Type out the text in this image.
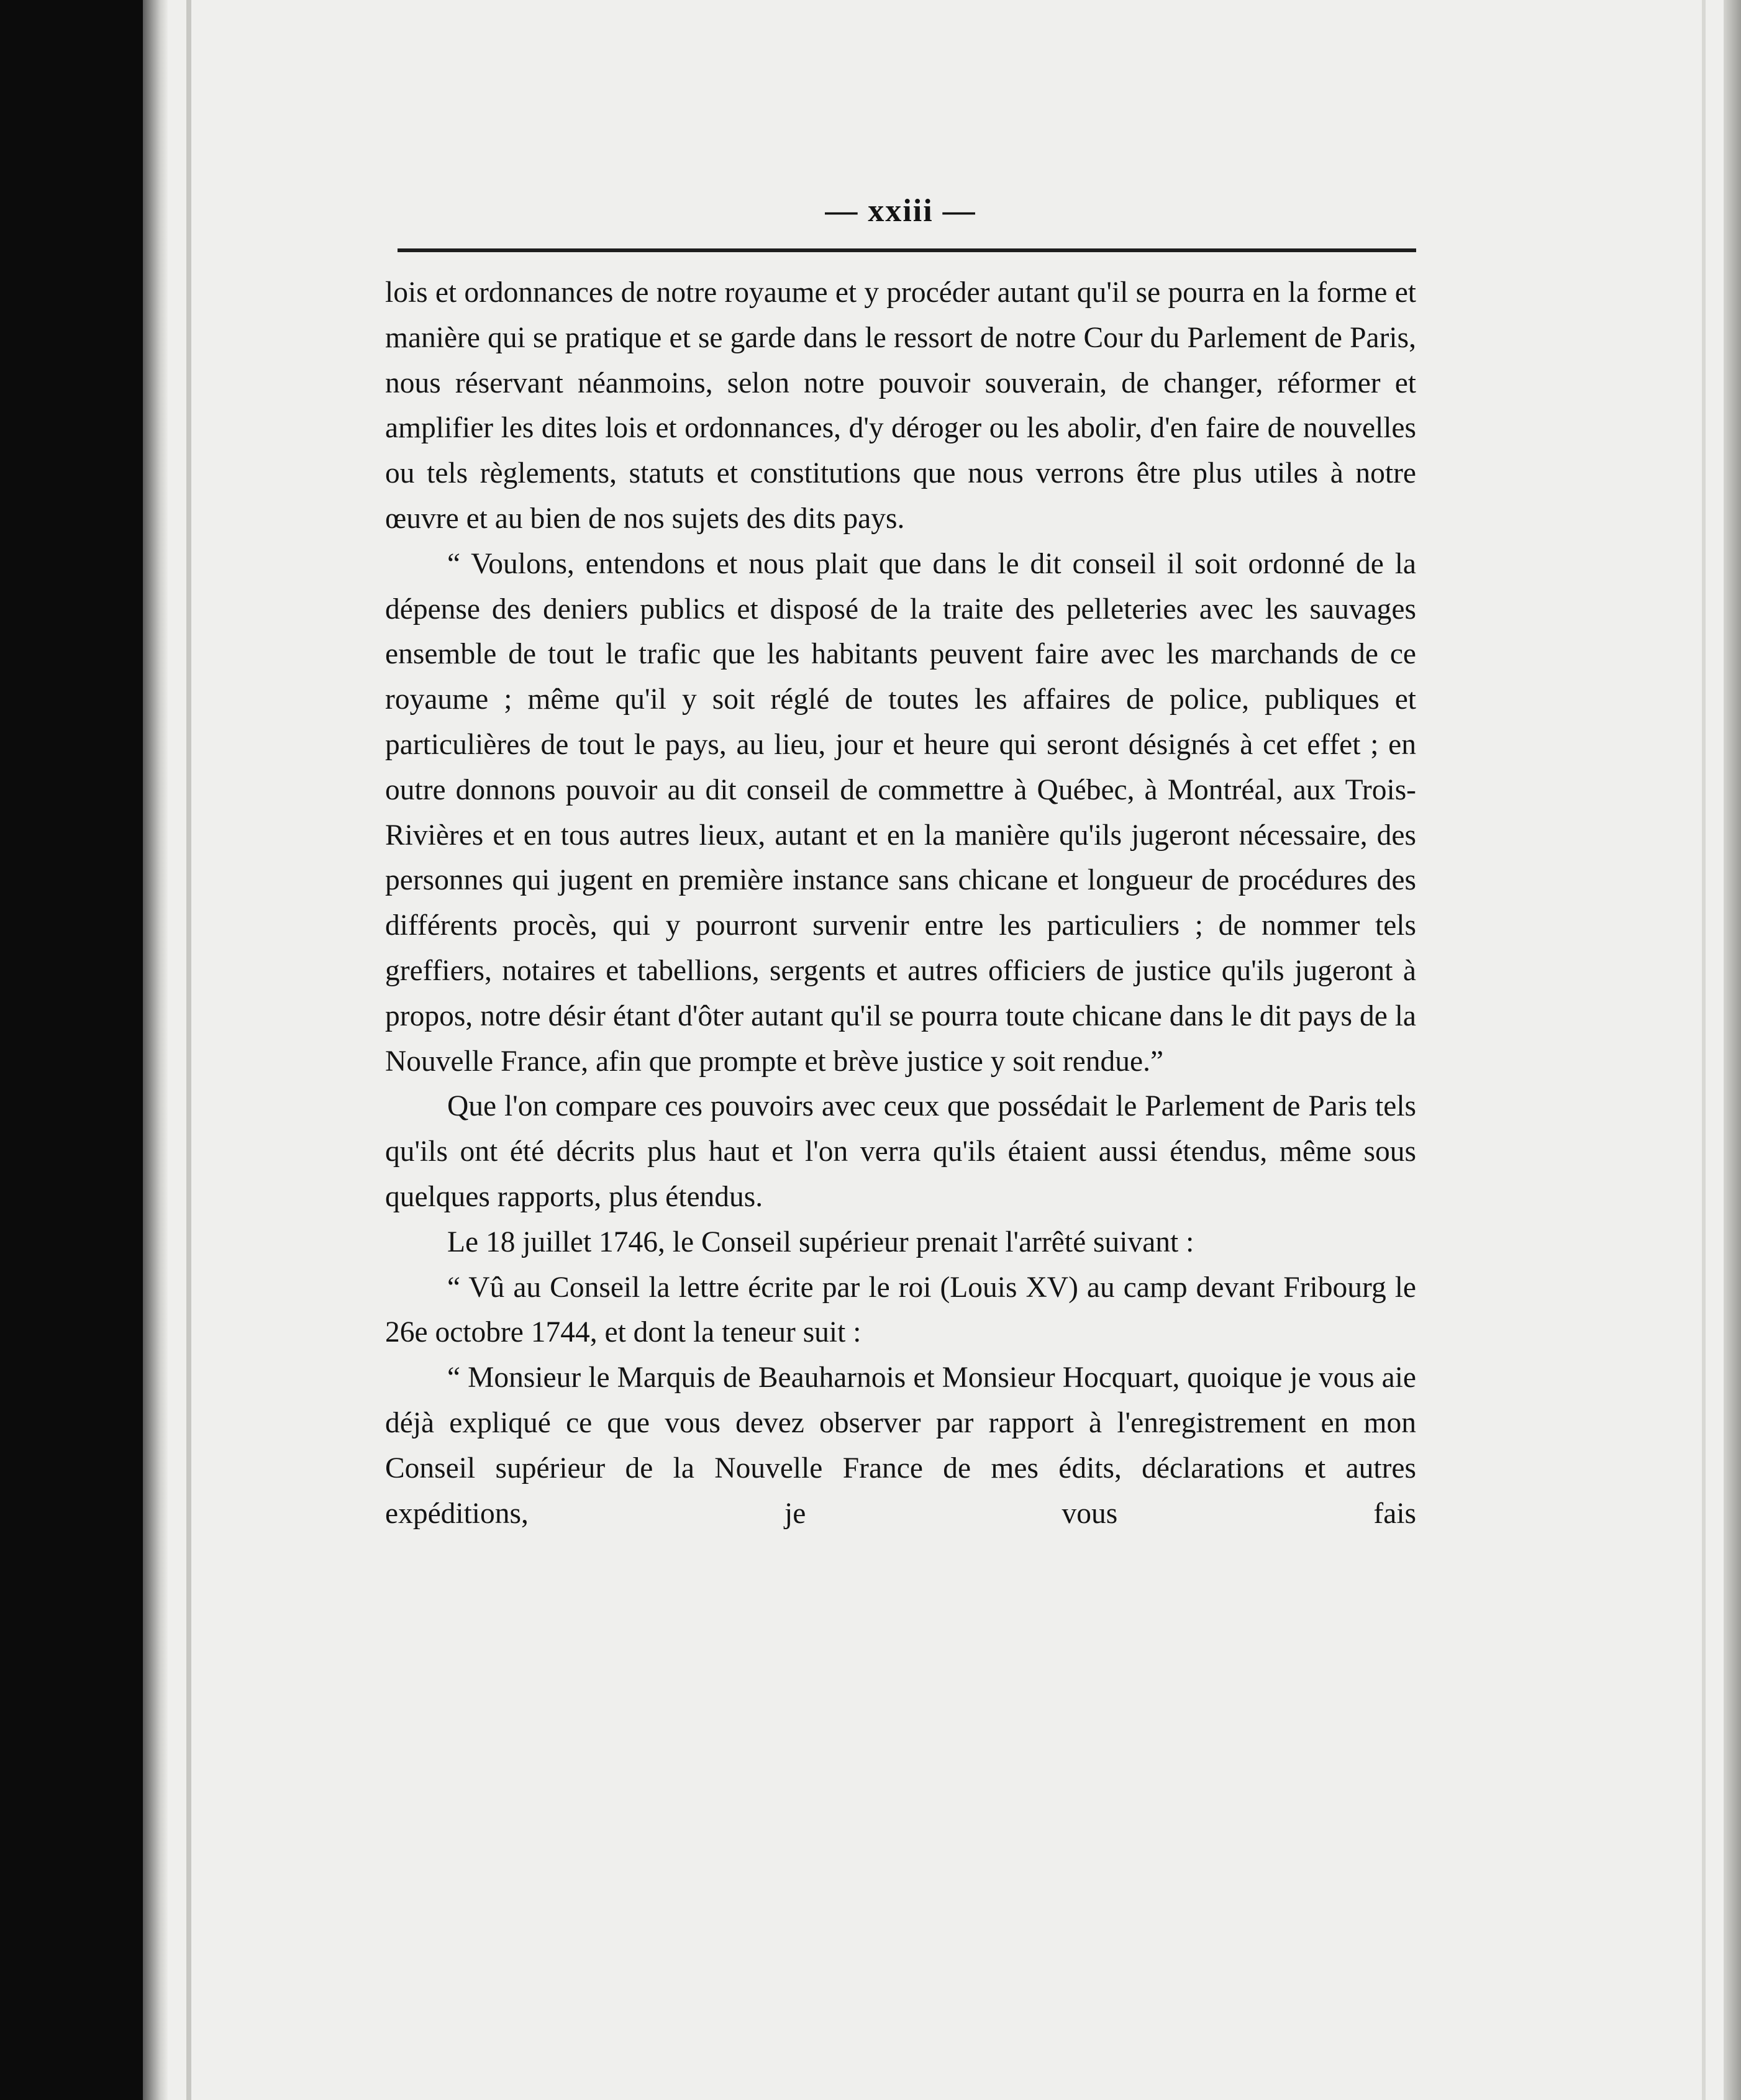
— xxiii —

lois et ordonnances de notre royaume et y procéder autant qu'il se pourra en la forme et manière qui se pratique et se garde dans le ressort de notre Cour du Parlement de Paris, nous réservant néanmoins, selon notre pouvoir souverain, de changer, réformer et amplifier les dites lois et ordonnances, d'y déroger ou les abolir, d'en faire de nouvelles ou tels règlements, statuts et constitutions que nous verrons être plus utiles à notre œuvre et au bien de nos sujets des dits pays.

“ Voulons, entendons et nous plait que dans le dit conseil il soit ordonné de la dépense des deniers publics et disposé de la traite des pelleteries avec les sauvages ensemble de tout le trafic que les habitants peuvent faire avec les marchands de ce royaume ; même qu'il y soit réglé de toutes les affaires de police, publiques et particulières de tout le pays, au lieu, jour et heure qui seront désignés à cet effet ; en outre donnons pouvoir au dit conseil de commettre à Québec, à Montréal, aux Trois-Rivières et en tous autres lieux, autant et en la manière qu'ils jugeront nécessaire, des personnes qui jugent en première instance sans chicane et longueur de procédures des différents procès, qui y pourront survenir entre les particuliers ; de nommer tels greffiers, notaires et tabellions, sergents et autres officiers de justice qu'ils jugeront à propos, notre désir étant d'ôter autant qu'il se pourra toute chicane dans le dit pays de la Nouvelle France, afin que prompte et brève justice y soit rendue.”

Que l'on compare ces pouvoirs avec ceux que possédait le Parlement de Paris tels qu'ils ont été décrits plus haut et l'on verra qu'ils étaient aussi étendus, même sous quelques rapports, plus étendus.

Le 18 juillet 1746, le Conseil supérieur prenait l'arrêté suivant :

“ Vû au Conseil la lettre écrite par le roi (Louis XV) au camp devant Fribourg le 26e octobre 1744, et dont la teneur suit :

“ Monsieur le Marquis de Beauharnois et Monsieur Hocquart, quoique je vous aie déjà expliqué ce que vous devez observer par rapport à l'enregistrement en mon Conseil supérieur de la Nouvelle France de mes édits, déclarations et autres expéditions, je vous fais
